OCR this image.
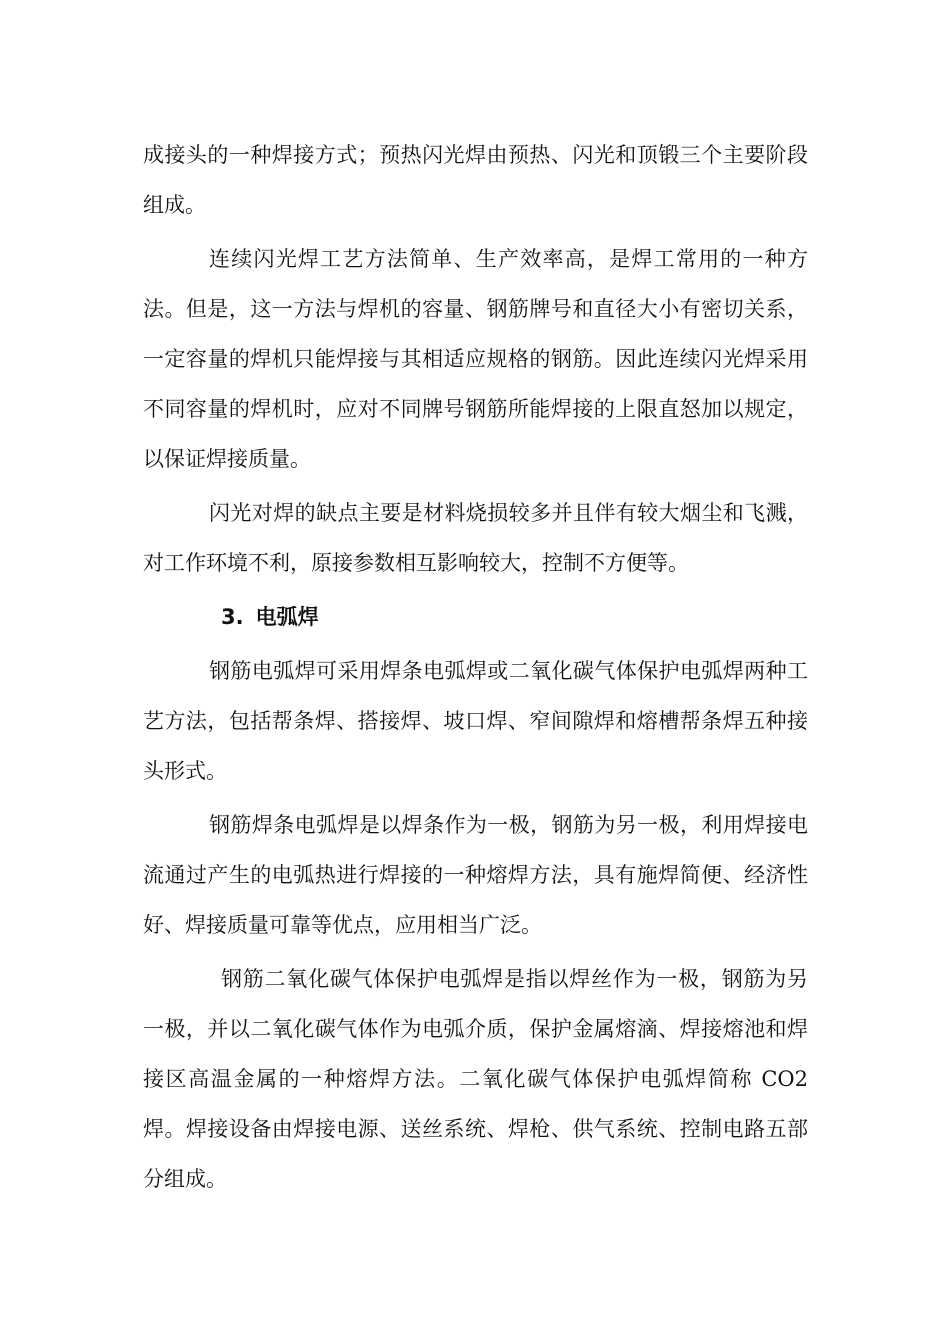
成接头的一种焊接方式；预热闪光焊由预热、闪光和顶锻三个主要阶段组成。

连续闪光焊工艺方法简单、生产效率高，是焊工常用的一种方法。但是，这一方法与焊机的容量、钢筋牌号和直径大小有密切关系，一定容量的焊机只能焊接与其相适应规格的钢筋。因此连续闪光焊采用不同容量的焊机时，应对不同牌号钢筋所能焊接的上限直怒加以规定，以保证焊接质量。

闪光对焊的缺点主要是材料烧损较多并且伴有较大烟尘和飞溅，对工作环境不利，原接参数相互影响较大，控制不方便等。

3. 电弧焊

钢筋电弧焊可采用焊条电弧焊或二氧化碳气体保护电弧焊两种工艺方法，包括帮条焊、搭接焊、坡口焊、窄间隙焊和熔槽帮条焊五种接头形式。

钢筋焊条电弧焊是以焊条作为一极，钢筋为另一极，利用焊接电流通过产生的电弧热进行焊接的一种熔焊方法，具有施焊简便、经济性好、焊接质量可靠等优点，应用相当广泛。

钢筋二氧化碳气体保护电弧焊是指以焊丝作为一极，钢筋为另一极，并以二氧化碳气体作为电弧介质，保护金属熔滴、焊接熔池和焊接区高温金属的一种熔焊方法。二氧化碳气体保护电弧焊简称 CO2 焊。焊接设备由焊接电源、送丝系统、焊枪、供气系统、控制电路五部分组成。
